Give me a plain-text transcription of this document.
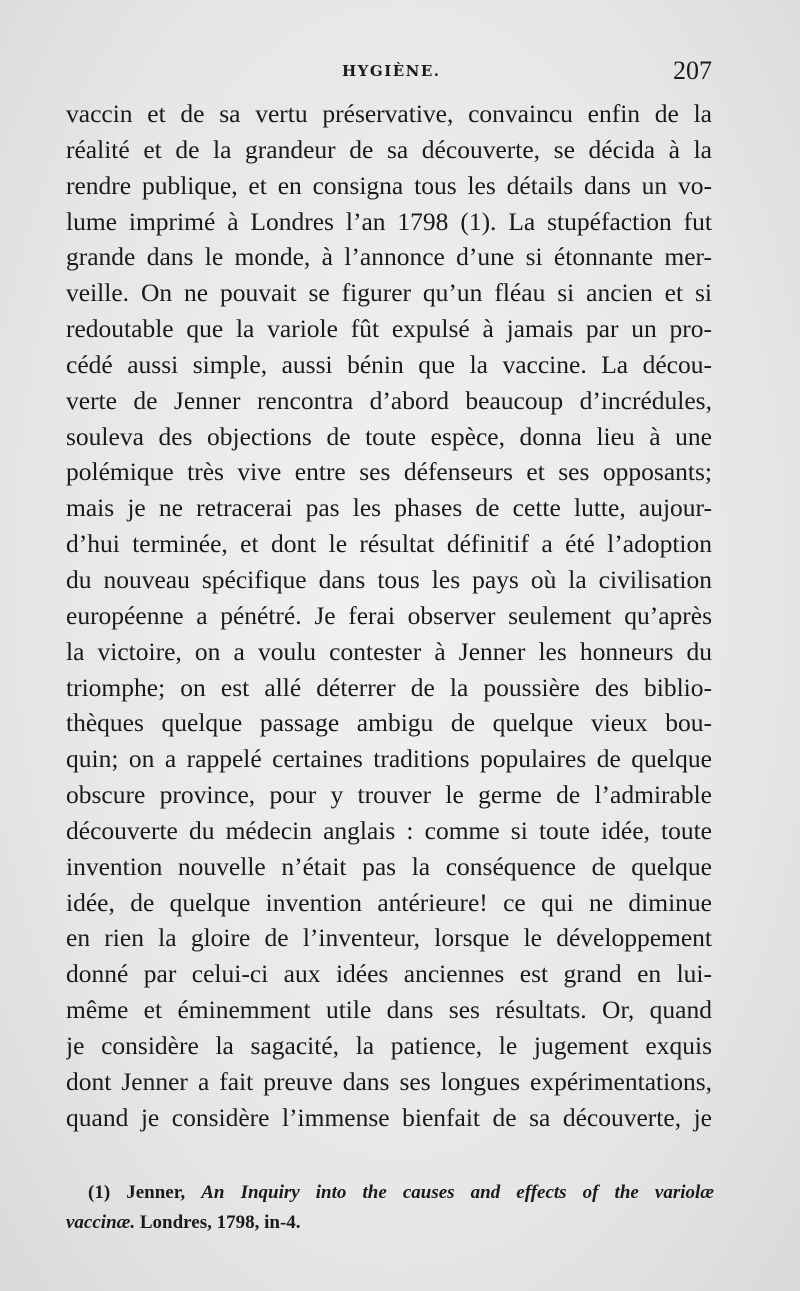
HYGIÈNE.	207
vaccin et de sa vertu préservative, convaincu enfin de la
réalité et de la grandeur de sa découverte, se décida à la
rendre publique, et en consigna tous les détails dans un vo-
lume imprimé à Londres l’an 1798 (1). La stupéfaction fut
grande dans le monde, à l’annonce d’une si étonnante mer-
veille. On ne pouvait se figurer qu’un fléau si ancien et si
redoutable que la variole fût expulsé à jamais par un pro-
cédé aussi simple, aussi bénin que la vaccine. La décou-
verte de Jenner rencontra d’abord beaucoup d’incrédules,
souleva des objections de toute espèce, donna lieu à une
polémique très vive entre ses défenseurs et ses opposants;
mais je ne retracerai pas les phases de cette lutte, aujour-
d’hui terminée, et dont le résultat définitif a été l’adoption
du nouveau spécifique dans tous les pays où la civilisation
européenne a pénétré. Je ferai observer seulement qu’après
la victoire, on a voulu contester à Jenner les honneurs du
triomphe; on est allé déterrer de la poussière des biblio-
thèques quelque passage ambigu de quelque vieux bou-
quin; on a rappelé certaines traditions populaires de quelque
obscure province, pour y trouver le germe de l’admirable
découverte du médecin anglais : comme si toute idée, toute
invention nouvelle n’était pas la conséquence de quelque
idée, de quelque invention antérieure! ce qui ne diminue
en rien la gloire de l’inventeur, lorsque le développement
donné par celui-ci aux idées anciennes est grand en lui-
même et éminemment utile dans ses résultats. Or, quand
je considère la sagacité, la patience, le jugement exquis
dont Jenner a fait preuve dans ses longues expérimentations,
quand je considère l’immense bienfait de sa découverte, je
(1) Jenner, An Inquiry into the causes and effects of the variolæ
vaccinæ. Londres, 1798, in-4.
